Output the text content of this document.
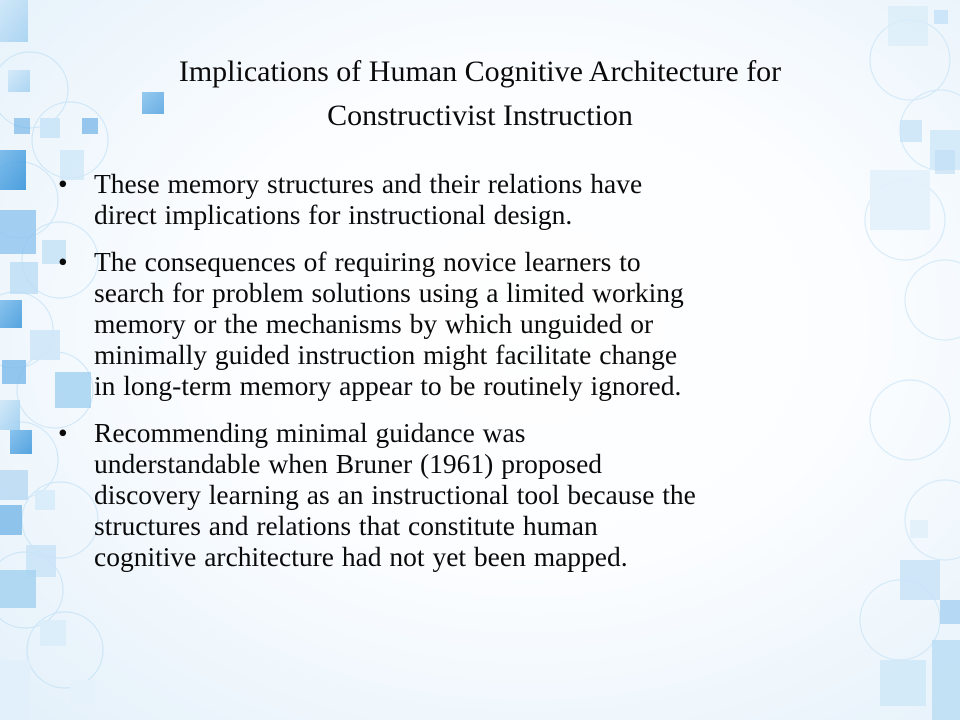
Implications of Human Cognitive Architecture for
Constructivist Instruction
• These memory structures and their relations have
direct implications for instructional design.
• The consequences of requiring novice learners to
search for problem solutions using a limited working
memory or the mechanisms by which unguided or
minimally guided instruction might facilitate change
in long-term memory appear to be routinely ignored.
• Recommending minimal guidance was
understandable when Bruner (1961) proposed
discovery learning as an instructional tool because the
structures and relations that constitute human
cognitive architecture had not yet been mapped.
